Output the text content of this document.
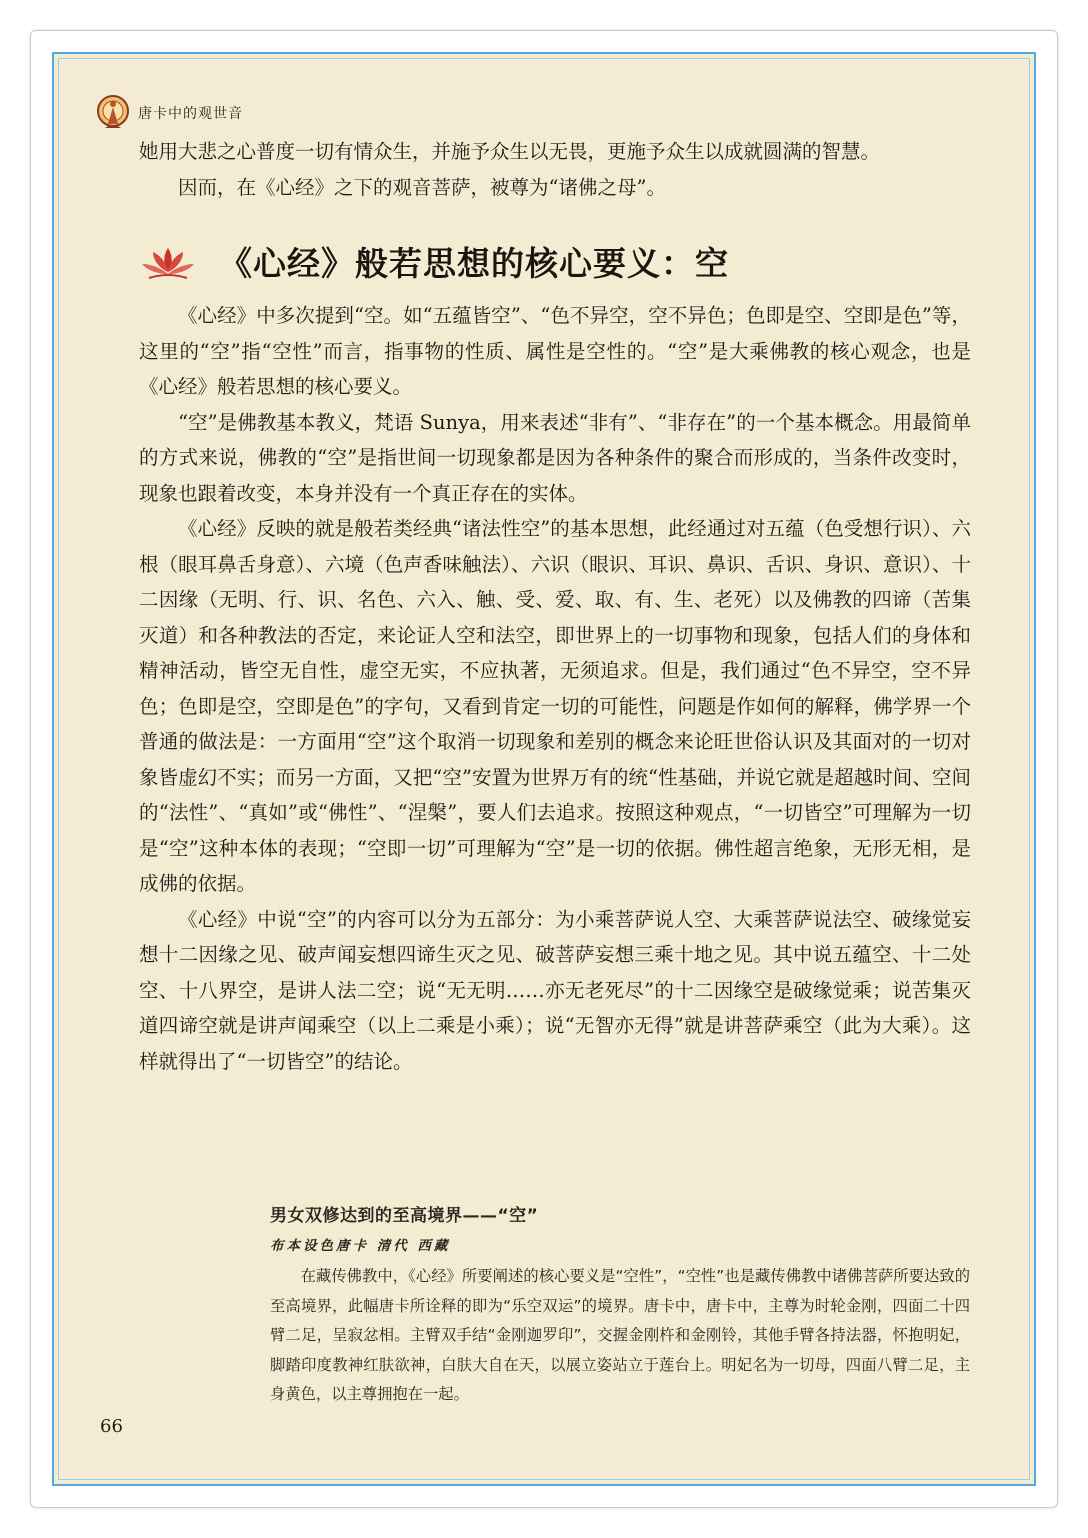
唐卡中的观世音

她用大悲之心普度一切有情众生，并施予众生以无畏，更施予众生以成就圆满的智慧。

因而，在《心经》之下的观音菩萨，被尊为“诸佛之母”。

《心经》般若思想的核心要义：空

《心经》中多次提到“空。如“五蕴皆空”、“色不异空，空不异色；色即是空、空即是色”等，这里的“空”指“空性”而言，指事物的性质、属性是空性的。“空”是大乘佛教的核心观念，也是《心经》般若思想的核心要义。

“空”是佛教基本教义，梵语 Sunya，用来表述“非有”、“非存在”的一个基本概念。用最简单的方式来说，佛教的“空”是指世间一切现象都是因为各种条件的聚合而形成的，当条件改变时，现象也跟着改变，本身并没有一个真正存在的实体。

《心经》反映的就是般若类经典“诸法性空”的基本思想，此经通过对五蕴（色受想行识）、六根（眼耳鼻舌身意）、六境（色声香味触法）、六识（眼识、耳识、鼻识、舌识、身识、意识）、十二因缘（无明、行、识、名色、六入、触、受、爱、取、有、生、老死）以及佛教的四谛（苦集灭道）和各种教法的否定，来论证人空和法空，即世界上的一切事物和现象，包括人们的身体和精神活动，皆空无自性，虚空无实，不应执著，无须追求。但是，我们通过“色不异空，空不异色；色即是空，空即是色”的字句，又看到肯定一切的可能性，问题是作如何的解释，佛学界一个普通的做法是：一方面用“空”这个取消一切现象和差别的概念来论旺世俗认识及其面对的一切对象皆虚幻不实；而另一方面，又把“空”安置为世界万有的统“性基础，并说它就是超越时间、空间的“法性”、“真如”或“佛性”、“涅槃”，要人们去追求。按照这种观点，“一切皆空”可理解为一切是“空”这种本体的表现；“空即一切”可理解为“空”是一切的依据。佛性超言绝象，无形无相，是成佛的依据。

《心经》中说“空”的内容可以分为五部分：为小乘菩萨说人空、大乘菩萨说法空、破缘觉妄想十二因缘之见、破声闻妄想四谛生灭之见、破菩萨妄想三乘十地之见。其中说五蕴空、十二处空、十八界空，是讲人法二空；说“无无明……亦无老死尽”的十二因缘空是破缘觉乘；说苦集灭道四谛空就是讲声闻乘空（以上二乘是小乘）；说“无智亦无得”就是讲菩萨乘空（此为大乘）。这样就得出了“一切皆空”的结论。

男女双修达到的至高境界——“空”

布本设色唐卡 清代 西藏

在藏传佛教中，《心经》所要阐述的核心要义是“空性”，“空性”也是藏传佛教中诸佛菩萨所要达致的至高境界，此幅唐卡所诠释的即为“乐空双运”的境界。唐卡中，唐卡中，主尊为时轮金刚，四面二十四臂二足，呈寂忿相。主臂双手结“金刚迦罗印”，交握金刚杵和金刚铃，其他手臂各持法器，怀抱明妃，脚踏印度教神红肤欲神，白肤大自在天，以展立姿站立于莲台上。明妃名为一切母，四面八臂二足，主身黄色，以主尊拥抱在一起。

66
